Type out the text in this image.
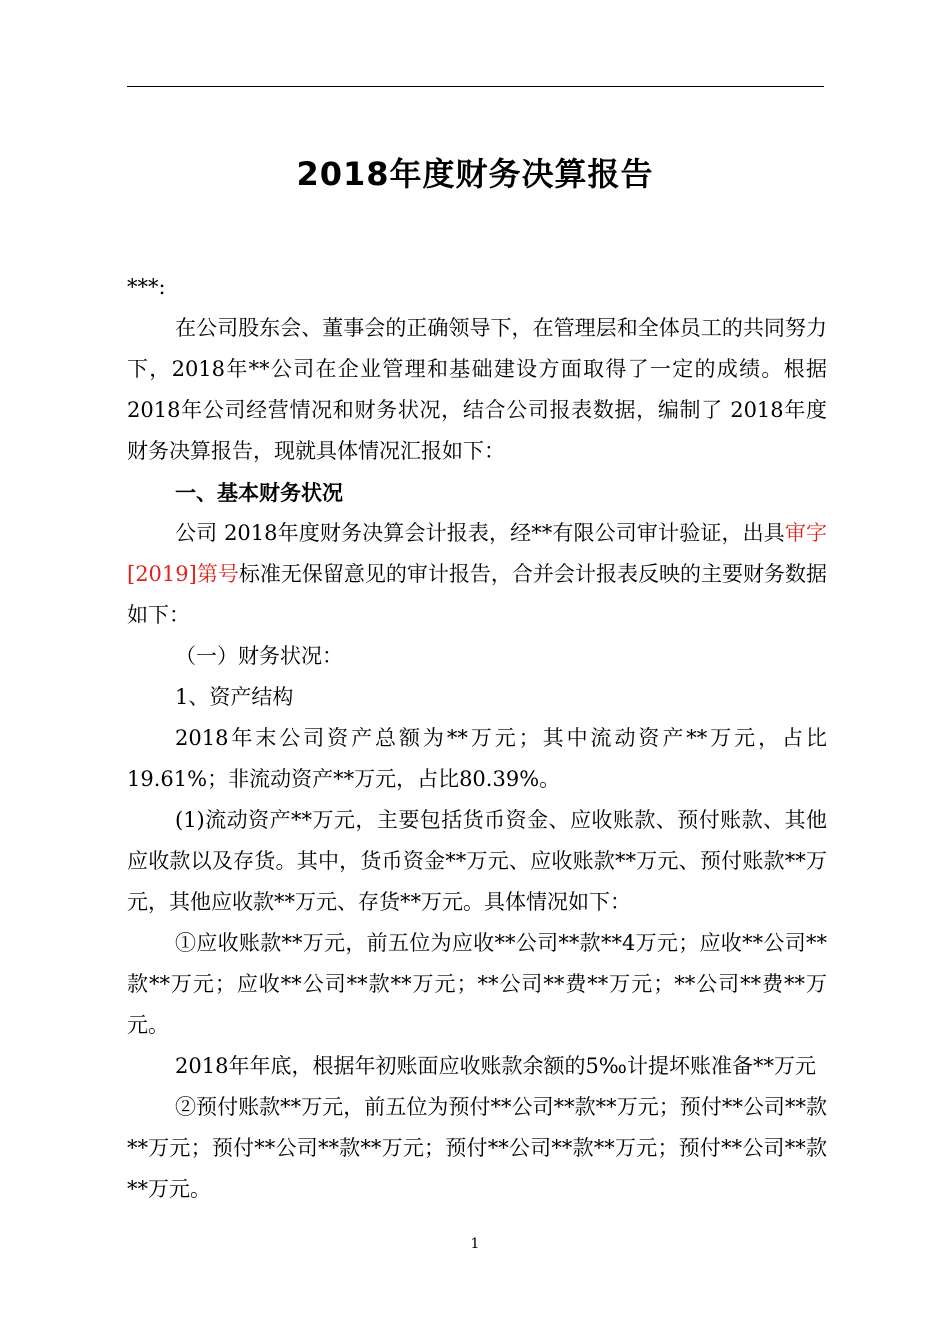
2018年度财务决算报告

***:

在公司股东会、董事会的正确领导下，在管理层和全体员工的共同努力下，2018年**公司在企业管理和基础建设方面取得了一定的成绩。根据2018年公司经营情况和财务状况，结合公司报表数据，编制了 2018年度财务决算报告，现就具体情况汇报如下：

一、基本财务状况

公司 2018年度财务决算会计报表，经**有限公司审计验证，出具审字[2019]第号标准无保留意见的审计报告，合并会计报表反映的主要财务数据如下：

（一）财务状况：

1、资产结构

2018年末公司资产总额为**万元；其中流动资产**万元，占比19.61%；非流动资产**万元，占比80.39%。

(1)流动资产**万元，主要包括货币资金、应收账款、预付账款、其他应收款以及存货。其中，货币资金**万元、应收账款**万元、预付账款**万元，其他应收款**万元、存货**万元。具体情况如下：

①应收账款**万元，前五位为应收**公司**款**4万元；应收**公司**款**万元；应收**公司**款**万元；**公司**费**万元；**公司**费**万元。

2018年年底，根据年初账面应收账款余额的5‰计提坏账准备**万元

②预付账款**万元，前五位为预付**公司**款**万元；预付**公司**款**万元；预付**公司**款**万元；预付**公司**款**万元；预付**公司**款**万元。

1
